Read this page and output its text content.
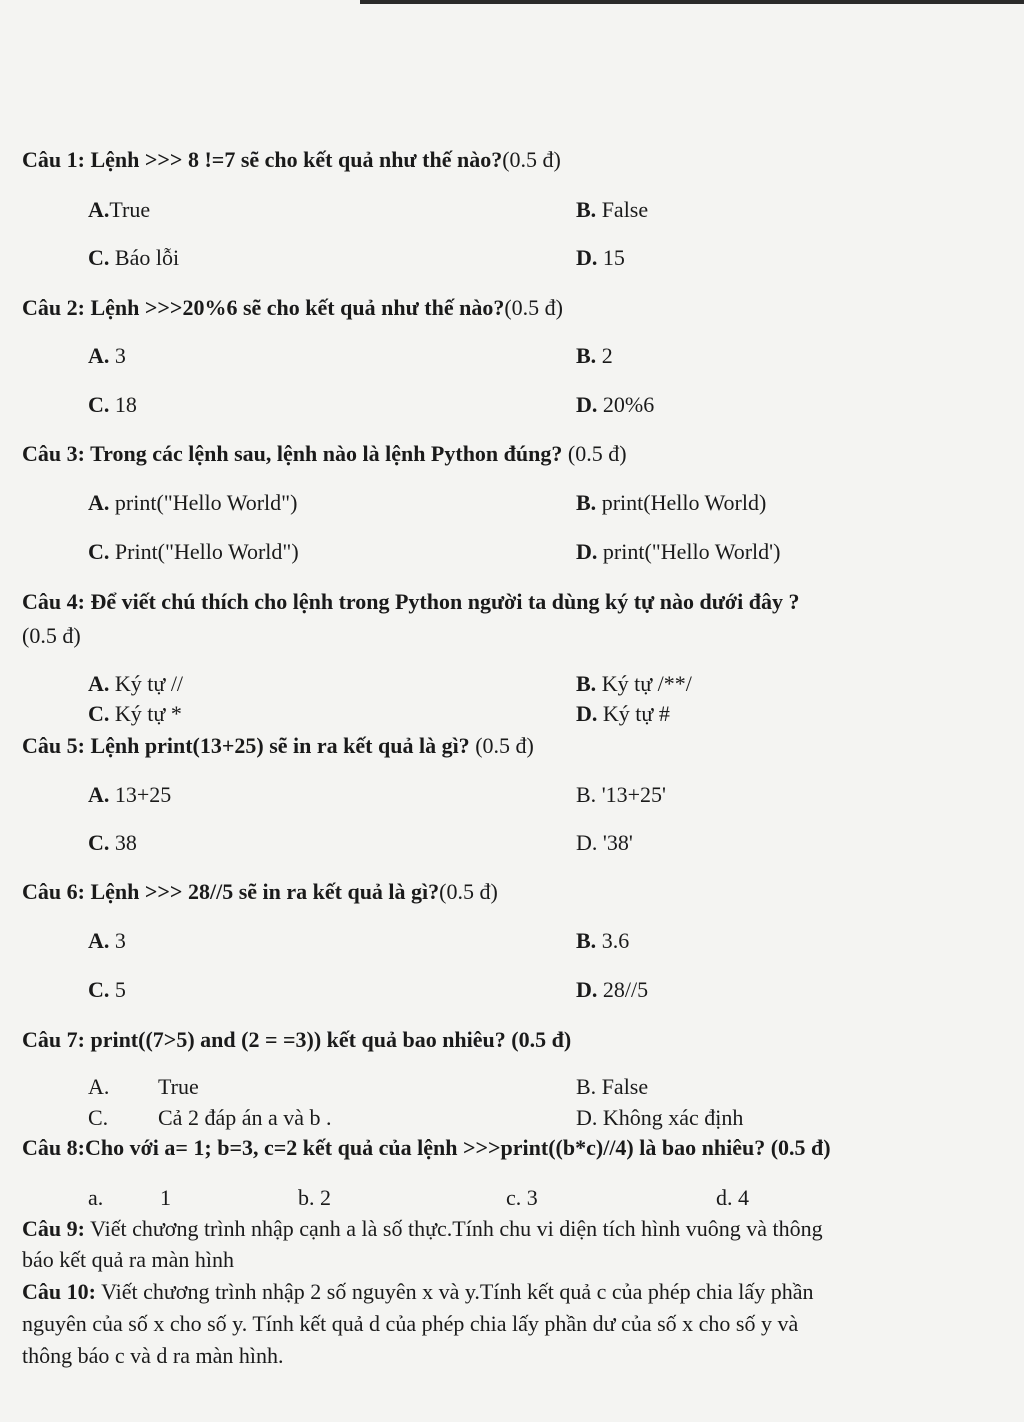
Câu 1: Lệnh >>> 8 !=7 sẽ cho kết quả như thế nào?(0.5 đ)
A.True	B. False
C. Báo lỗi	D. 15
Câu 2: Lệnh >>>20%6 sẽ cho kết quả như thế nào?(0.5 đ)
A. 3	B. 2
C. 18	D. 20%6
Câu 3: Trong các lệnh sau, lệnh nào là lệnh Python đúng? (0.5 đ)
A. print("Hello World")	B. print(Hello World)
C. Print("Hello World")	D. print("Hello World')
Câu 4: Để viết chú thích cho lệnh trong Python người ta dùng ký tự nào dưới đây ?
(0.5 đ)
A. Ký tự //	B. Ký tự /**/
C. Ký tự *	D. Ký tự #
Câu 5: Lệnh print(13+25) sẽ in ra kết quả là gì? (0.5 đ)
A. 13+25	B. '13+25'
C. 38	D. '38'
Câu 6: Lệnh >>> 28//5 sẽ in ra kết quả là gì?(0.5 đ)
A. 3	B. 3.6
C. 5	D. 28//5
Câu 7: print((7>5) and (2 = =3)) kết quả bao nhiêu? (0.5 đ)
A. True	B. False
C. Cả 2 đáp án a và b .	D. Không xác định
Câu 8:Cho với a= 1; b=3, c=2 kết quả của lệnh >>>print((b*c)//4) là bao nhiêu? (0.5 đ)
a.	1	b. 2	c. 3	d. 4
Câu 9: Viết chương trình nhập cạnh a là số thực.Tính chu vi diện tích hình vuông và thông
báo kết quả ra màn hình
Câu 10: Viết chương trình nhập 2 số nguyên x và y.Tính kết quả c của phép chia lấy phần
nguyên của số x cho số y. Tính kết quả d của phép chia lấy phần dư của số x cho số y và
thông báo c và d ra màn hình.
